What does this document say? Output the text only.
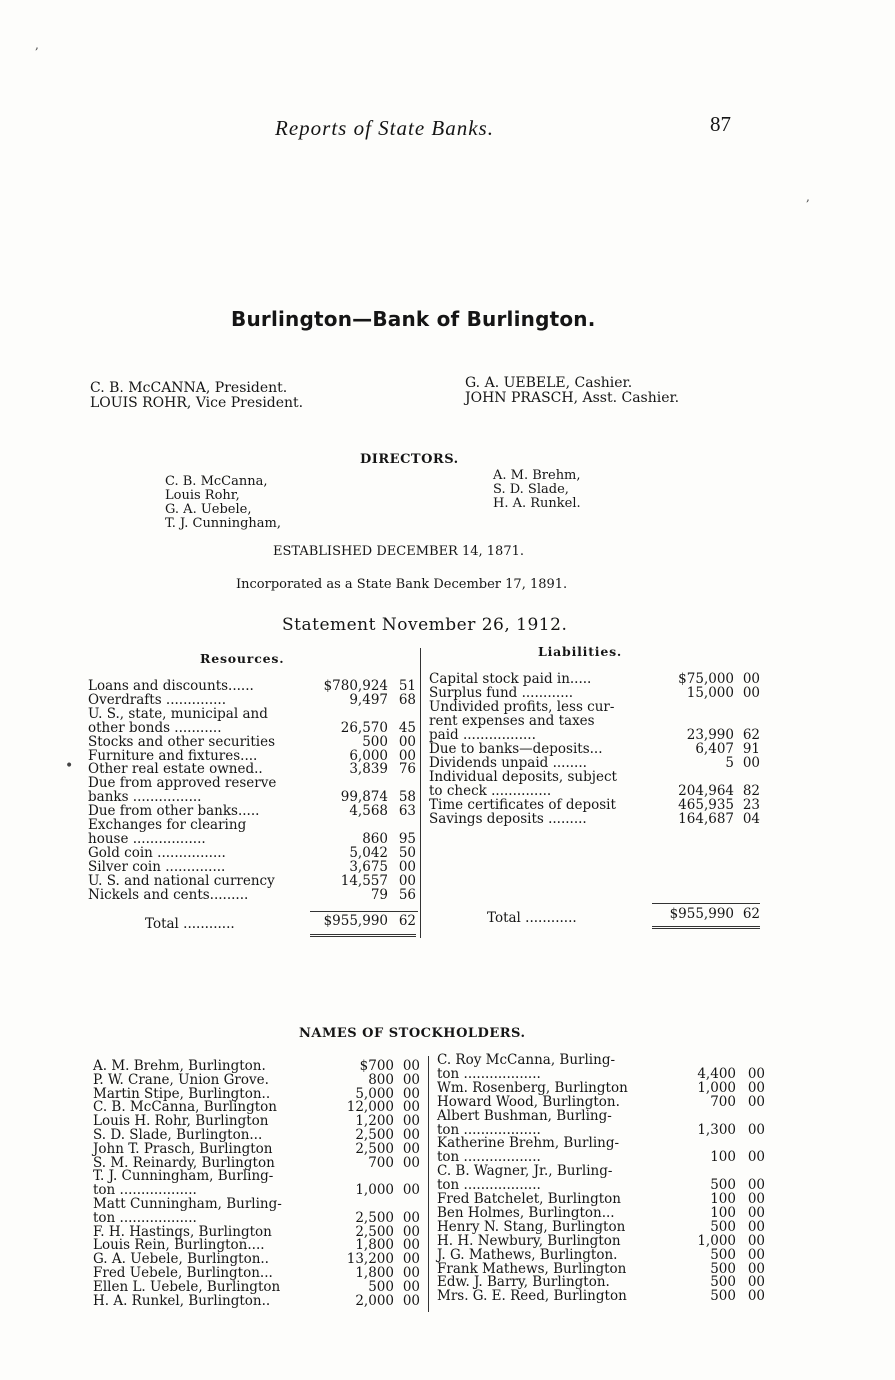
Reports of State Banks.	87
Burlington—Bank of Burlington.
C. B. McCANNA, President.
LOUIS ROHR, Vice President.
G. A. UEBELE, Cashier.
JOHN PRASCH, Asst. Cashier.
DIRECTORS.
C. B. McCanna,
Louis Rohr,
G. A. Uebele,
T. J. Cunningham,
A. M. Brehm,
S. D. Slade,
H. A. Runkel.
ESTABLISHED DECEMBER 14, 1871.
Incorporated as a State Bank December 17, 1891.
Statement November 26, 1912.
Resources.	Liabilities.
Loans and discounts......	$780,924 51
Overdrafts ..............	9,497 68
U. S., state, municipal and
other bonds ...........	26,570 45
Stocks and other securities	500 00
Furniture and fixtures....	6,000 00
Other real estate owned..	3,839 76
Due from approved reserve
banks ................	99,874 58
Due from other banks.....	4,568 63
Exchanges for clearing
house .................	860 95
Gold coin ................	5,042 50
Silver coin ..............	3,675 00
U. S. and national currency	14,557 00
Nickels and cents.........	79 56
Capital stock paid in.....	$75,000 00
Surplus fund ............	15,000 00
Undivided profits, less cur-
rent expenses and taxes
paid .................	23,990 62
Due to banks—deposits...	6,407 91
Dividends unpaid ........	5 00
Individual deposits, subject
to check ..............	204,964 82
Time certificates of deposit	465,935 23
Savings deposits .........	164,687 04
Total ............	$955,990 62	Total ............	$955,990 62
NAMES OF STOCKHOLDERS.
A. M. Brehm, Burlington.	$700 00
P. W. Crane, Union Grove.	800 00
Martin Stipe, Burlington..	5,000 00
C. B. McCanna, Burlington	12,000 00
Louis H. Rohr, Burlington	1,200 00
S. D. Slade, Burlington...	2,500 00
John T. Prasch, Burlington	2,500 00
S. M. Reinardy, Burlington	700 00
T. J. Cunningham, Burling-
ton ..................	1,000 00
Matt Cunningham, Burling-
ton ..................	2,500 00
F. H. Hastings, Burlington	2,500 00
Louis Rein, Burlington....	1,800 00
G. A. Uebele, Burlington..	13,200 00
Fred Uebele, Burlington...	1,800 00
Ellen L. Uebele, Burlington	500 00
H. A. Runkel, Burlington..	2,000 00
C. Roy McCanna, Burling-
ton ..................	4,400 00
Wm. Rosenberg, Burlington	1,000 00
Howard Wood, Burlington.	700 00
Albert Bushman, Burling-
ton ..................	1,300 00
Katherine Brehm, Burling-
ton ..................	100 00
C. B. Wagner, Jr., Burling-
ton ..................	500 00
Fred Batchelet, Burlington	100 00
Ben Holmes, Burlington...	100 00
Henry N. Stang, Burlington	500 00
H. H. Newbury, Burlington	1,000 00
J. G. Mathews, Burlington.	500 00
Frank Mathews, Burlington	500 00
Edw. J. Barry, Burlington.	500 00
Mrs. G. E. Reed, Burlington	500 00
,
,
•
